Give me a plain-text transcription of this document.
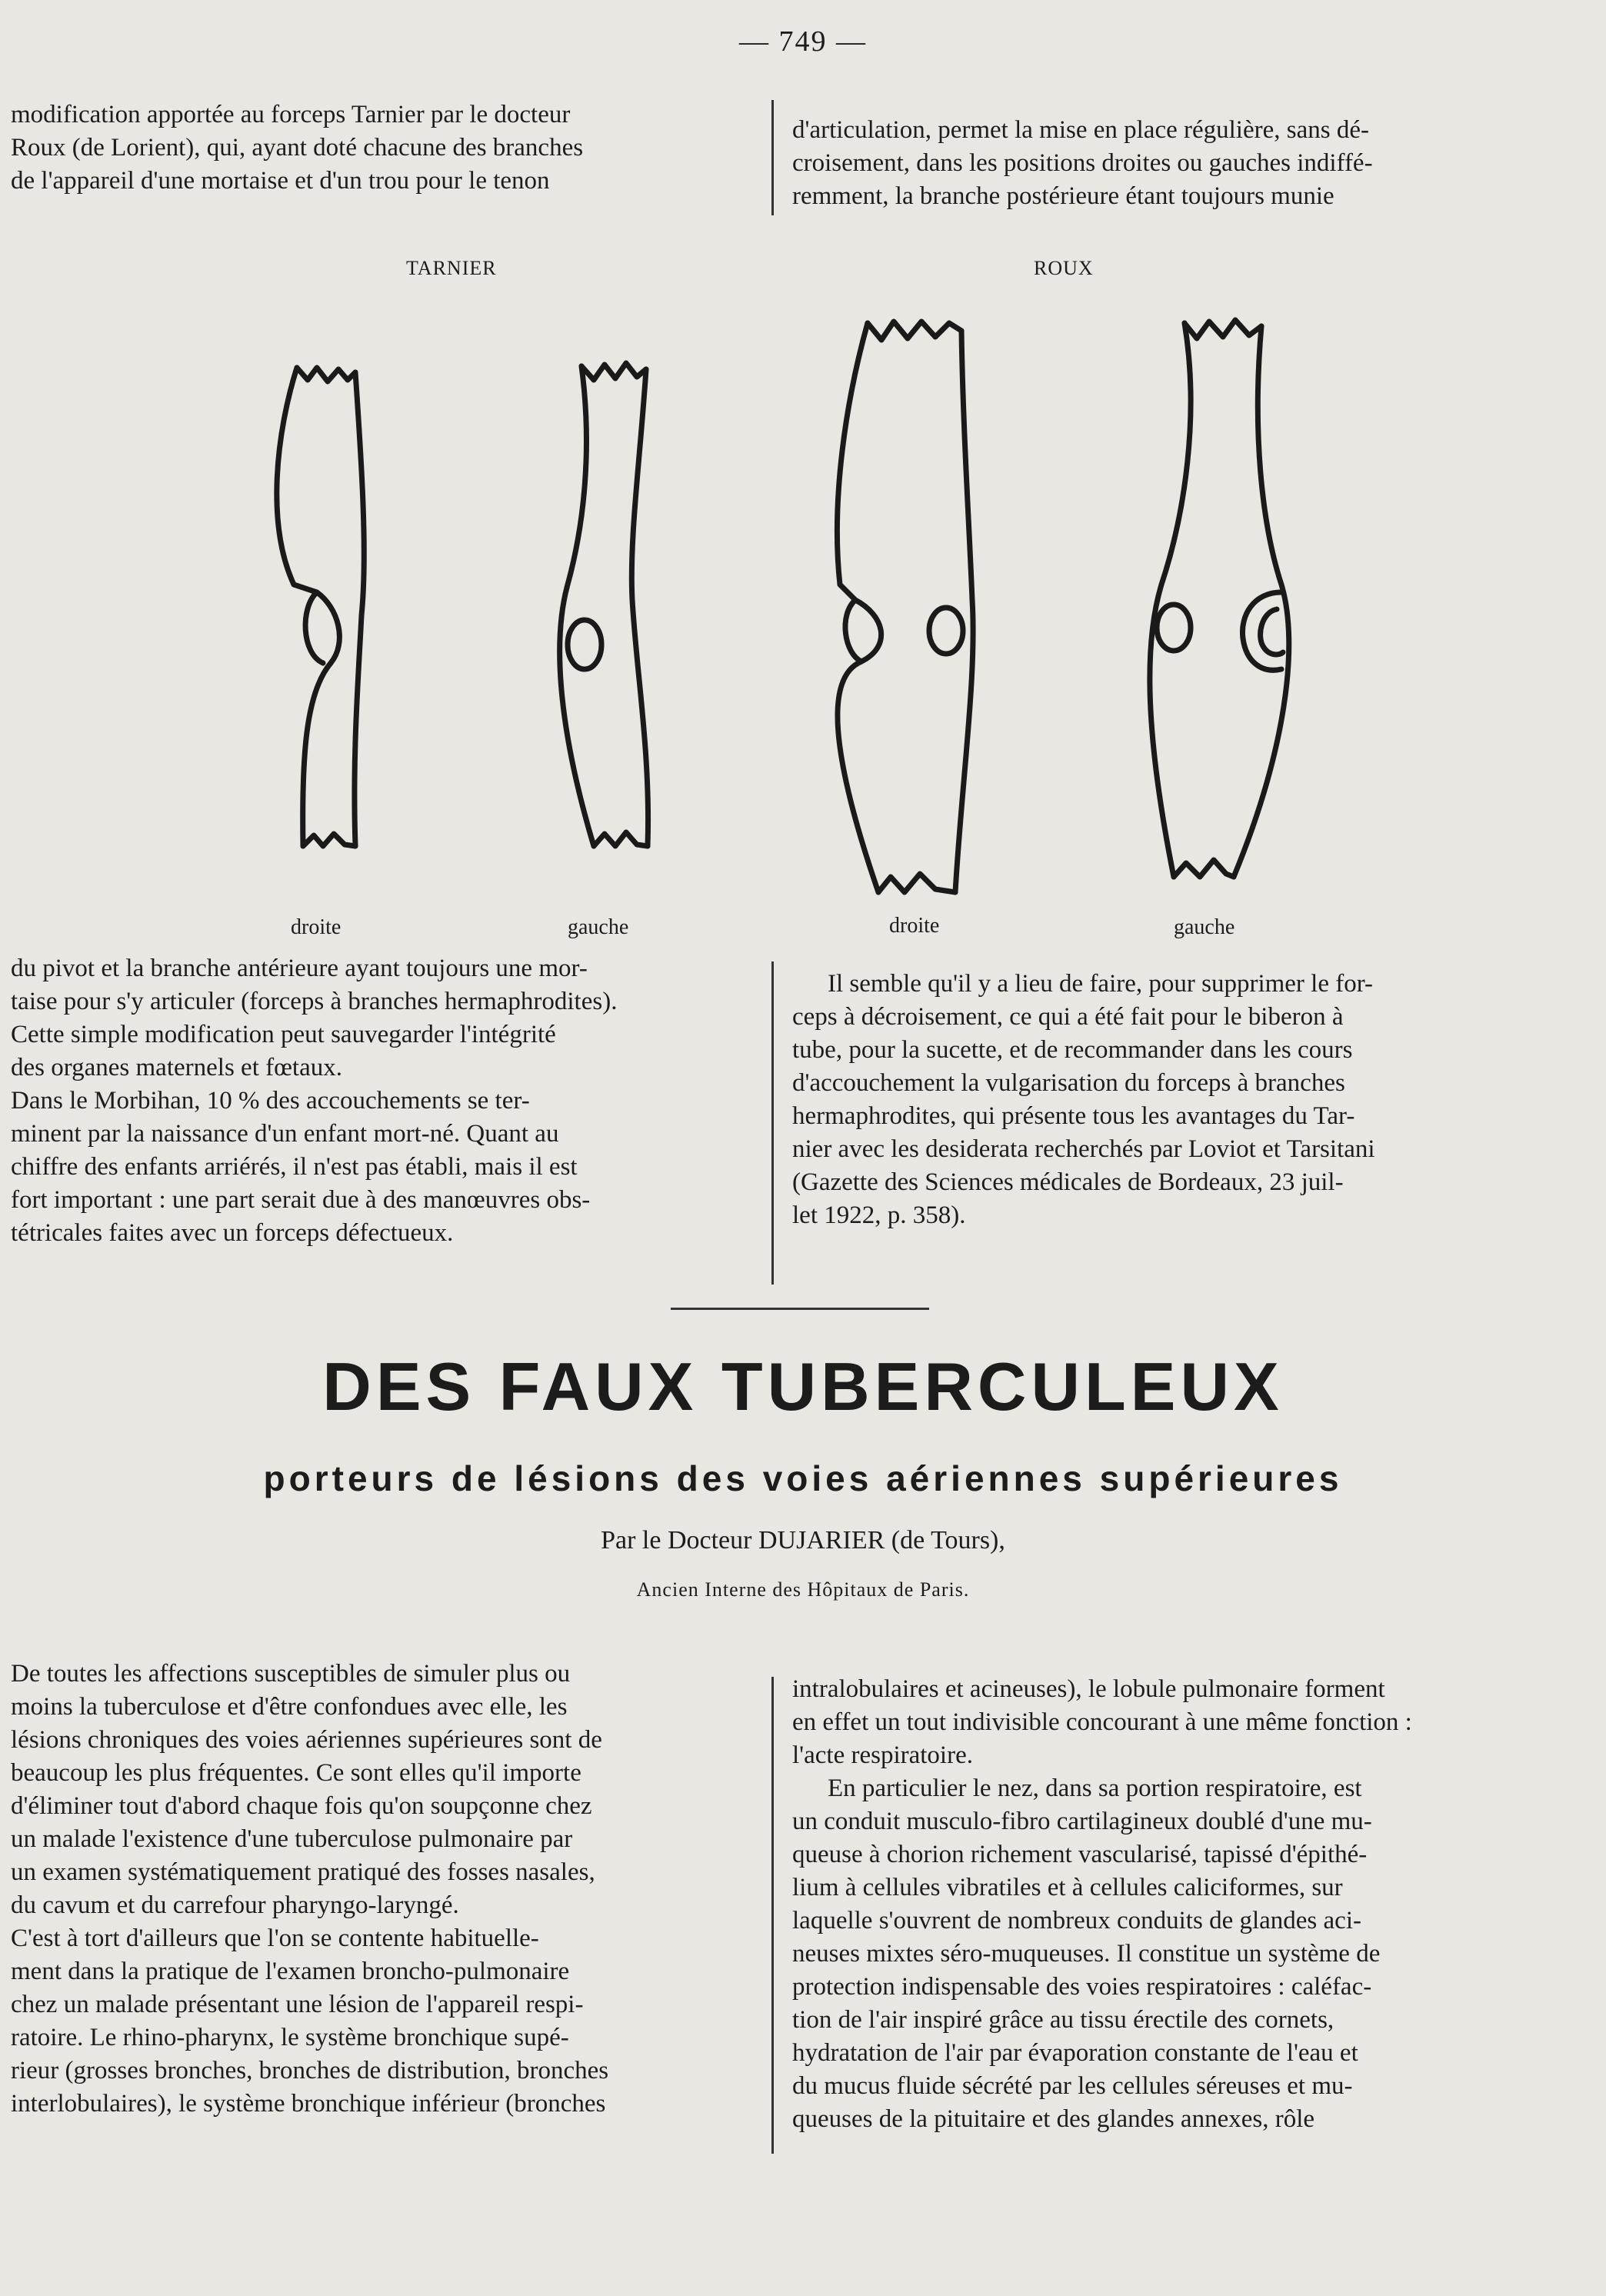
— 749 —

modification apportée au forceps Tarnier par le docteur

Roux (de Lorient), qui, ayant doté chacune des branches

de l'appareil d'une mortaise et d'un trou pour le tenon

d'articulation, permet la mise en place régulière, sans dé-

croisement, dans les positions droites ou gauches indiffé-

remment, la branche postérieure étant toujours munie

TARNIER	ROUX
droite	gauche	droite	gauche

du pivot et la branche antérieure ayant toujours une mor-

taise pour s'y articuler (forceps à branches hermaphrodites).

Cette simple modification peut sauvegarder l'intégrité

des organes maternels et fœtaux.

Dans le Morbihan, 10 % des accouchements se ter-

minent par la naissance d'un enfant mort-né. Quant au

chiffre des enfants arriérés, il n'est pas établi, mais il est

fort important : une part serait due à des manœuvres obs-

tétricales faites avec un forceps défectueux.

Il semble qu'il y a lieu de faire, pour supprimer le for-

ceps à décroisement, ce qui a été fait pour le biberon à

tube, pour la sucette, et de recommander dans les cours

d'accouchement la vulgarisation du forceps à branches

hermaphrodites, qui présente tous les avantages du Tar-

nier avec les desiderata recherchés par Loviot et Tarsitani

(Gazette des Sciences médicales de Bordeaux, 23 juil-

let 1922, p. 358).

DES FAUX TUBERCULEUX
porteurs de lésions des voies aériennes supérieures
Par le Docteur DUJARIER (de Tours),
Ancien Interne des Hôpitaux de Paris.

De toutes les affections susceptibles de simuler plus ou

moins la tuberculose et d'être confondues avec elle, les

lésions chroniques des voies aériennes supérieures sont de

beaucoup les plus fréquentes. Ce sont elles qu'il importe

d'éliminer tout d'abord chaque fois qu'on soupçonne chez

un malade l'existence d'une tuberculose pulmonaire par

un examen systématiquement pratiqué des fosses nasales,

du cavum et du carrefour pharyngo-laryngé.

C'est à tort d'ailleurs que l'on se contente habituelle-

ment dans la pratique de l'examen broncho-pulmonaire

chez un malade présentant une lésion de l'appareil respi-

ratoire. Le rhino-pharynx, le système bronchique supé-

rieur (grosses bronches, bronches de distribution, bronches

interlobulaires), le système bronchique inférieur (bronches

intralobulaires et acineuses), le lobule pulmonaire forment

en effet un tout indivisible concourant à une même fonction :

l'acte respiratoire.

En particulier le nez, dans sa portion respiratoire, est

un conduit musculo-fibro cartilagineux doublé d'une mu-

queuse à chorion richement vascularisé, tapissé d'épithé-

lium à cellules vibratiles et à cellules caliciformes, sur

laquelle s'ouvrent de nombreux conduits de glandes aci-

neuses mixtes séro-muqueuses. Il constitue un système de

protection indispensable des voies respiratoires : caléfac-

tion de l'air inspiré grâce au tissu érectile des cornets,

hydratation de l'air par évaporation constante de l'eau et

du mucus fluide sécrété par les cellules séreuses et mu-

queuses de la pituitaire et des glandes annexes, rôle
